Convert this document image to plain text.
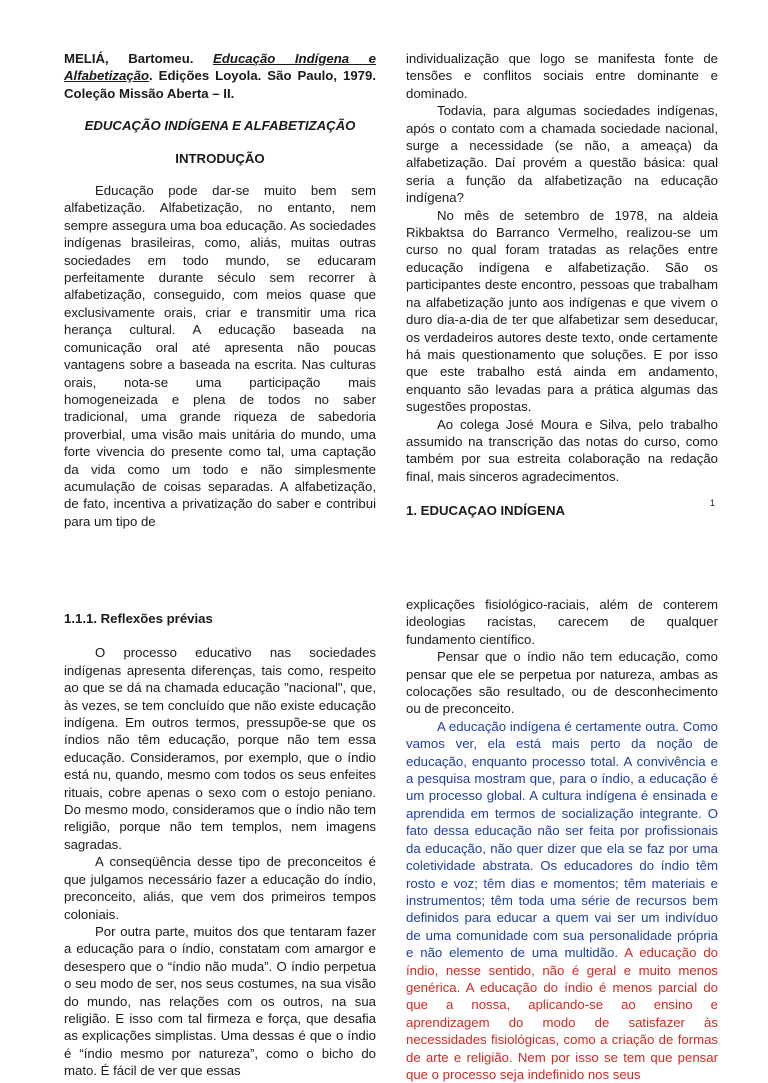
MELIÁ, Bartomeu. Educação Indígena e Alfabetização. Edições Loyola. São Paulo, 1979. Coleção Missão Aberta – II.

EDUCAÇÃO INDÍGENA E ALFABETIZAÇÃO

INTRODUÇÃO

Educação pode dar-se muito bem sem alfabetização. Alfabetização, no entanto, nem sempre assegura uma boa educação. As sociedades indígenas brasileiras, como, aliás, muitas outras sociedades em todo mundo, se educaram perfeitamente durante século sem recorrer à alfabetização, conseguido, com meios quase que exclusivamente orais, criar e transmitir uma rica herança cultural. A educação baseada na comunicação oral até apresenta não poucas vantagens sobre a baseada na escrita. Nas culturas orais, nota-se uma participação mais homogeneizada e plena de todos no saber tradicional, uma grande riqueza de sabedoria proverbial, uma visão mais unitária do mundo, uma forte vivencia do presente como tal, uma captação da vida como um todo e não simplesmente acumulação de coisas separadas. A alfabetização, de fato, incentiva a privatização do saber e contribui para um tipo de

individualização que logo se manifesta fonte de tensões e conflitos sociais entre dominante e dominado.

Todavia, para algumas sociedades indígenas, após o contato com a chamada sociedade nacional, surge a necessidade (se não, a ameaça) da alfabetização. Daí provém a questão básica: qual seria a função da alfabetização na educação indígena?

No mês de setembro de 1978, na aldeia Rikbaktsa do Barranco Vermelho, realizou-se um curso no qual foram tratadas as relações entre educação indígena e alfabetização. São os participantes deste encontro, pessoas que trabalham na alfabetização junto aos indígenas e que vivem o duro dia-a-dia de ter que alfabetizar sem deseducar, os verdadeiros autores deste texto, onde certamente há mais questionamento que soluções. E por isso que este trabalho está ainda em andamento, enquanto são levadas para a prática algumas das sugestões propostas.

Ao colega José Moura e Silva, pelo trabalho assumido na transcrição das notas do curso, como também por sua estreita colaboração na redação final, mais sinceros agradecimentos.

1. EDUCAÇAO INDÍGENA

1

1.1.1. Reflexões prévias

O processo educativo nas sociedades indígenas apresenta diferenças, tais como, respeito ao que se dá na chamada educação "nacional", que, às vezes, se tem concluído que não existe educação indígena. Em outros termos, pressupõe-se que os índios não têm educação, porque não tem essa educação. Consideramos, por exemplo, que o índio está nu, quando, mesmo com todos os seus enfeites rituais, cobre apenas o sexo com o estojo peniano. Do mesmo modo, consideramos que o índio não tem religião, porque não tem templos, nem imagens sagradas.

A conseqüência desse tipo de preconceitos é que julgamos necessário fazer a educação do índio, preconceito, aliás, que vem dos primeiros tempos coloniais.

Por outra parte, muitos dos que tentaram fazer a educação para o índio, constatam com amargor e desespero que o “índio não muda”. O índio perpetua o seu modo de ser, nos seus costumes, na sua visão do mundo, nas relações com os outros, na sua religião. E isso com tal firmeza e força, que desafia as explicações simplistas. Uma dessas é que o índio é “índio mesmo por natureza”, como o bicho do mato. É fácil de ver que essas

explicações fisiológico-raciais, além de conterem ideologias racistas, carecem de qualquer fundamento científico.

Pensar que o índio não tem educação, como pensar que ele se perpetua por natureza, ambas as colocações são resultado, ou de desconhecimento ou de preconceito.

A educação indígena é certamente outra. Como vamos ver, ela está mais perto da noção de educação, enquanto processo total. A convivência e a pesquisa mostram que, para o índio, a educação é um processo global. A cultura indígena é ensinada e aprendida em termos de socialização integrante. O fato dessa educação não ser feita por profissionais da educação, não quer dizer que ela se faz por uma coletividade abstrata. Os educadores do índio têm rosto e voz; têm dias e momentos; têm materiais e instrumentos; têm toda uma série de recursos bem definidos para educar a quem vai ser um indivíduo de uma comunidade com sua personalidade própria e não elemento de uma multidão. A educação do índio, nesse sentido, não é geral e muito menos genérica. A educação do índio é menos parcial do que a nossa, aplicando-se ao ensino e aprendizagem do modo de satisfazer às necessidades fisiológicas, como a criação de formas de arte e religião. Nem por isso se tem que pensar que o processo seja indefinido nos seus
